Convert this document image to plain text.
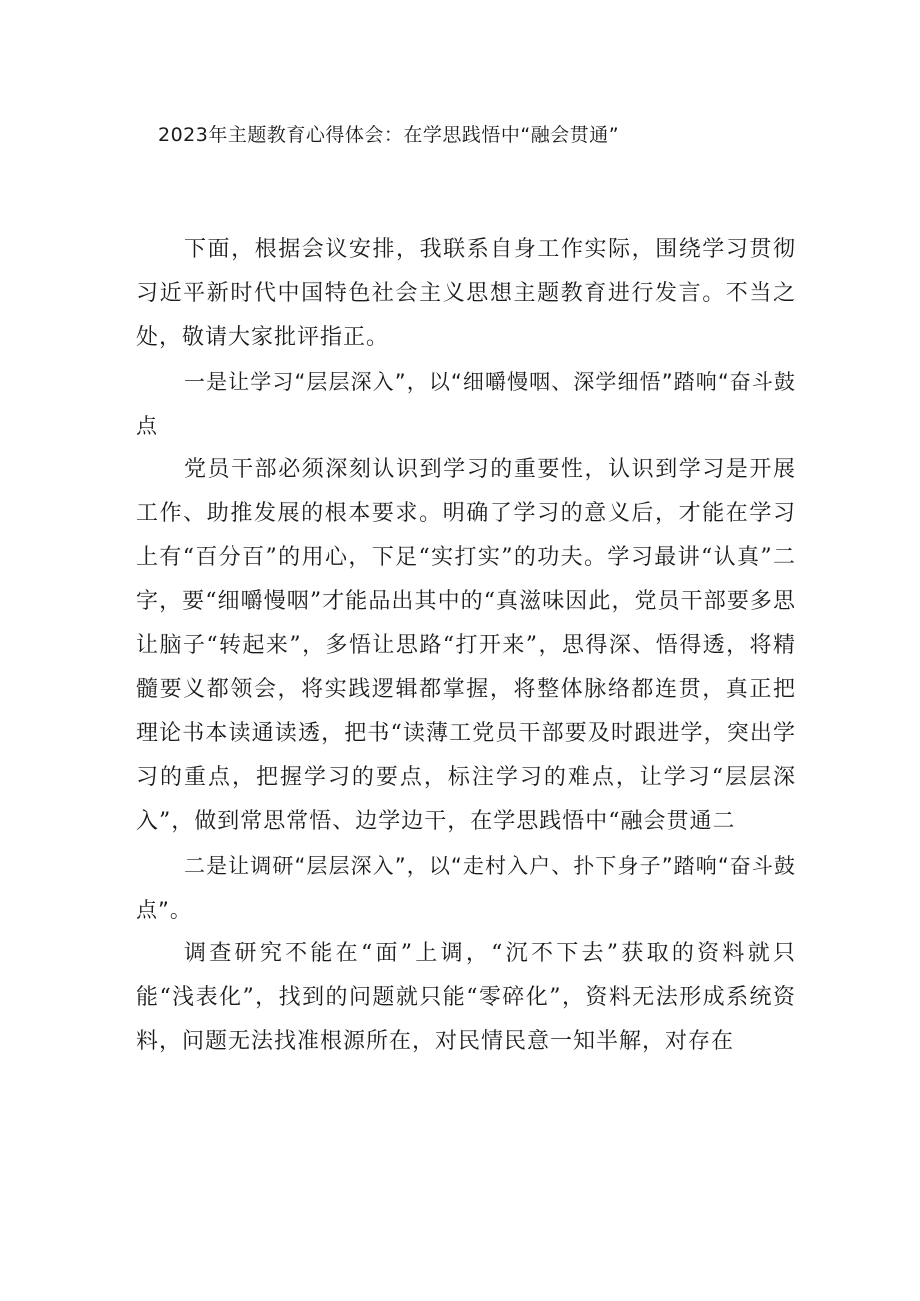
2023年主题教育心得体会：在学思践悟中“融会贯通”

下面，根据会议安排，我联系自身工作实际，围绕学习贯彻习近平新时代中国特色社会主义思想主题教育进行发言。不当之处，敬请大家批评指正。

一是让学习“层层深入”，以“细嚼慢咽、深学细悟”踏响“奋斗鼓点

党员干部必须深刻认识到学习的重要性，认识到学习是开展工作、助推发展的根本要求。明确了学习的意义后，才能在学习上有“百分百”的用心，下足“实打实”的功夫。学习最讲“认真”二字，要“细嚼慢咽”才能品出其中的“真滋味因此，党员干部要多思让脑子“转起来”，多悟让思路“打开来”，思得深、悟得透，将精髓要义都领会，将实践逻辑都掌握，将整体脉络都连贯，真正把理论书本读通读透，把书“读薄工党员干部要及时跟进学，突出学习的重点，把握学习的要点，标注学习的难点，让学习“层层深入”，做到常思常悟、边学边干，在学思践悟中“融会贯通二

二是让调研“层层深入”，以“走村入户、扑下身子”踏响“奋斗鼓点”。

调查研究不能在“面”上调，“沉不下去”获取的资料就只能“浅表化”，找到的问题就只能“零碎化”，资料无法形成系统资料，问题无法找准根源所在，对民情民意一知半解，对存在
